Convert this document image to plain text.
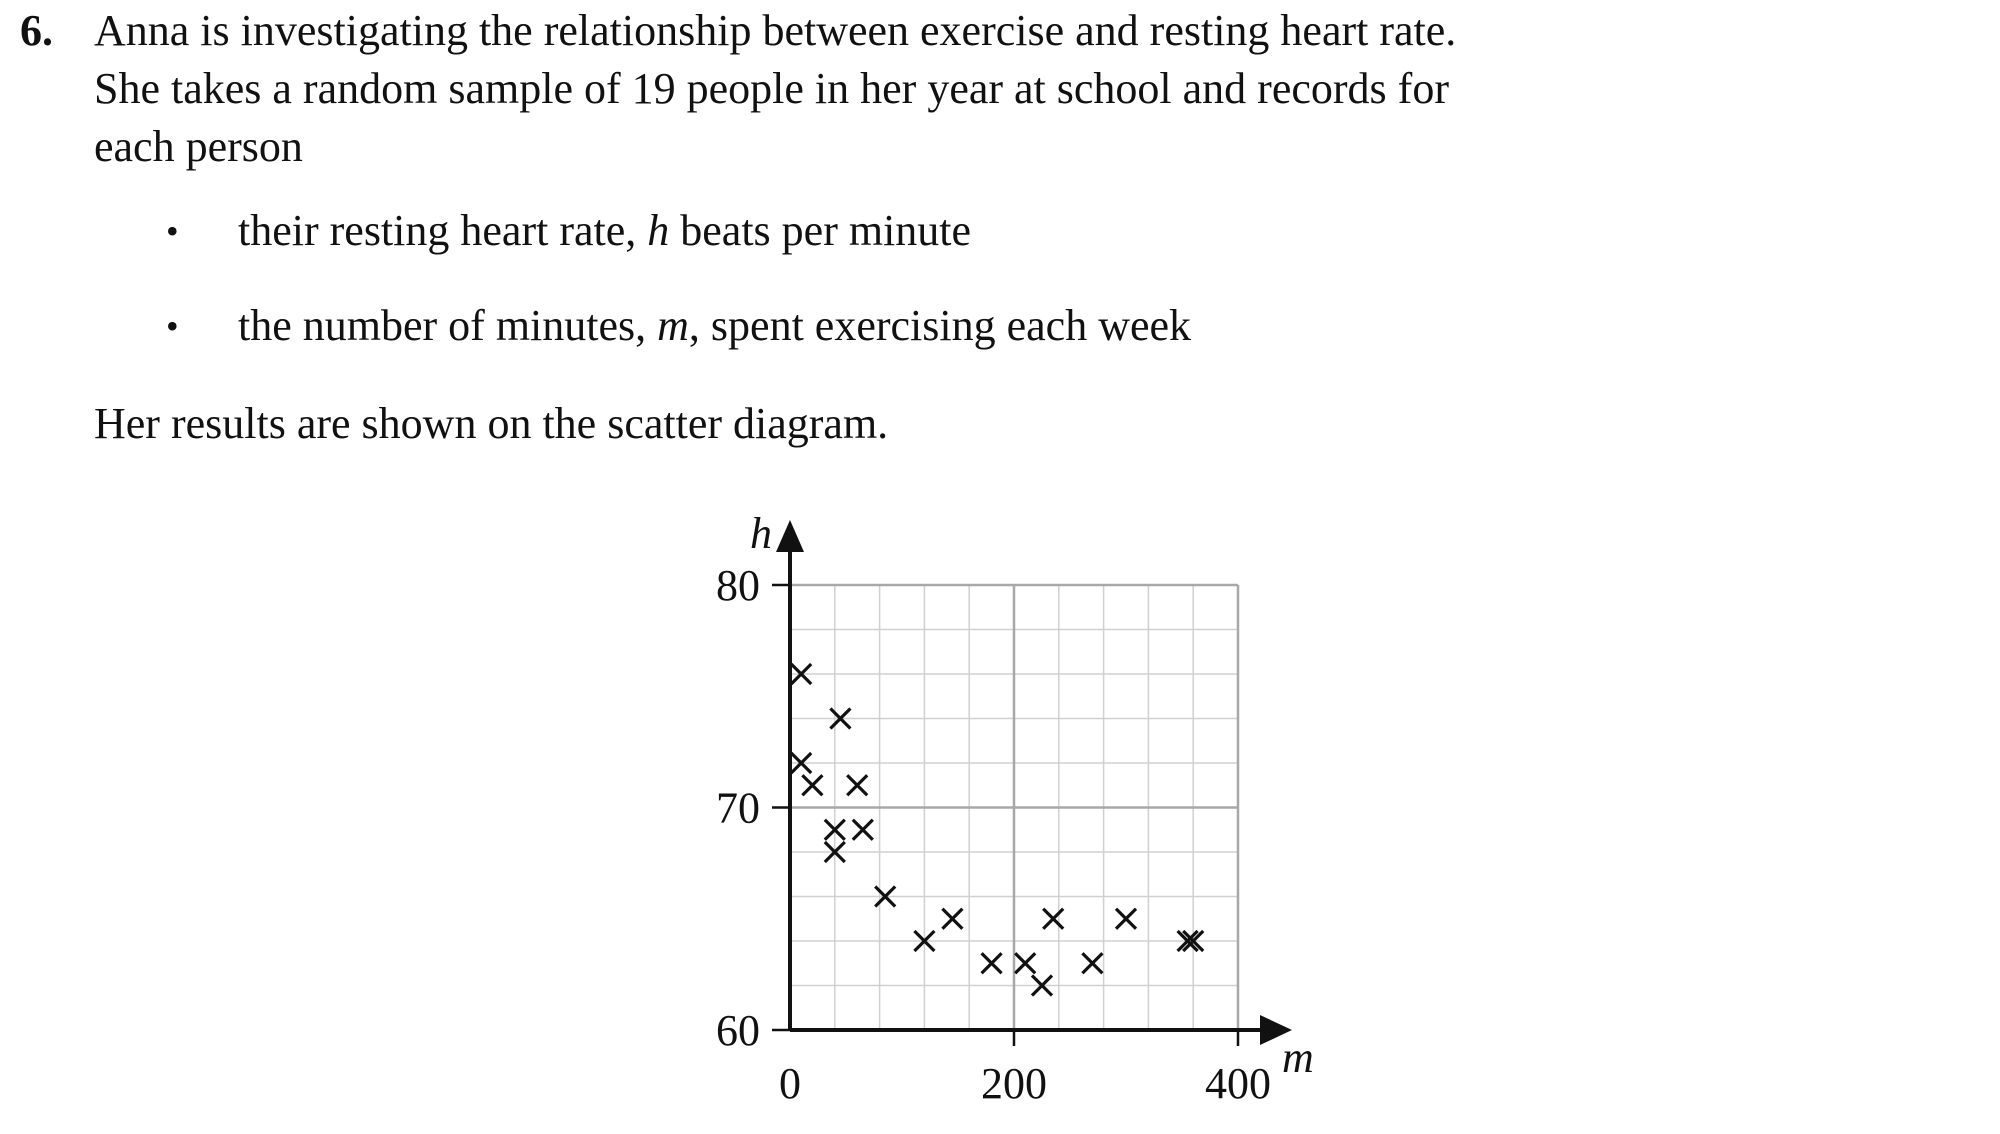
6. Anna is investigating the relationship between exercise and resting heart rate.
She takes a random sample of 19 people in her year at school and records for
each person

• their resting heart rate, h beats per minute
• the number of minutes, m, spent exercising each week
Her results are shown on the scatter diagram.
60
70
80
0	200	400
h
m
